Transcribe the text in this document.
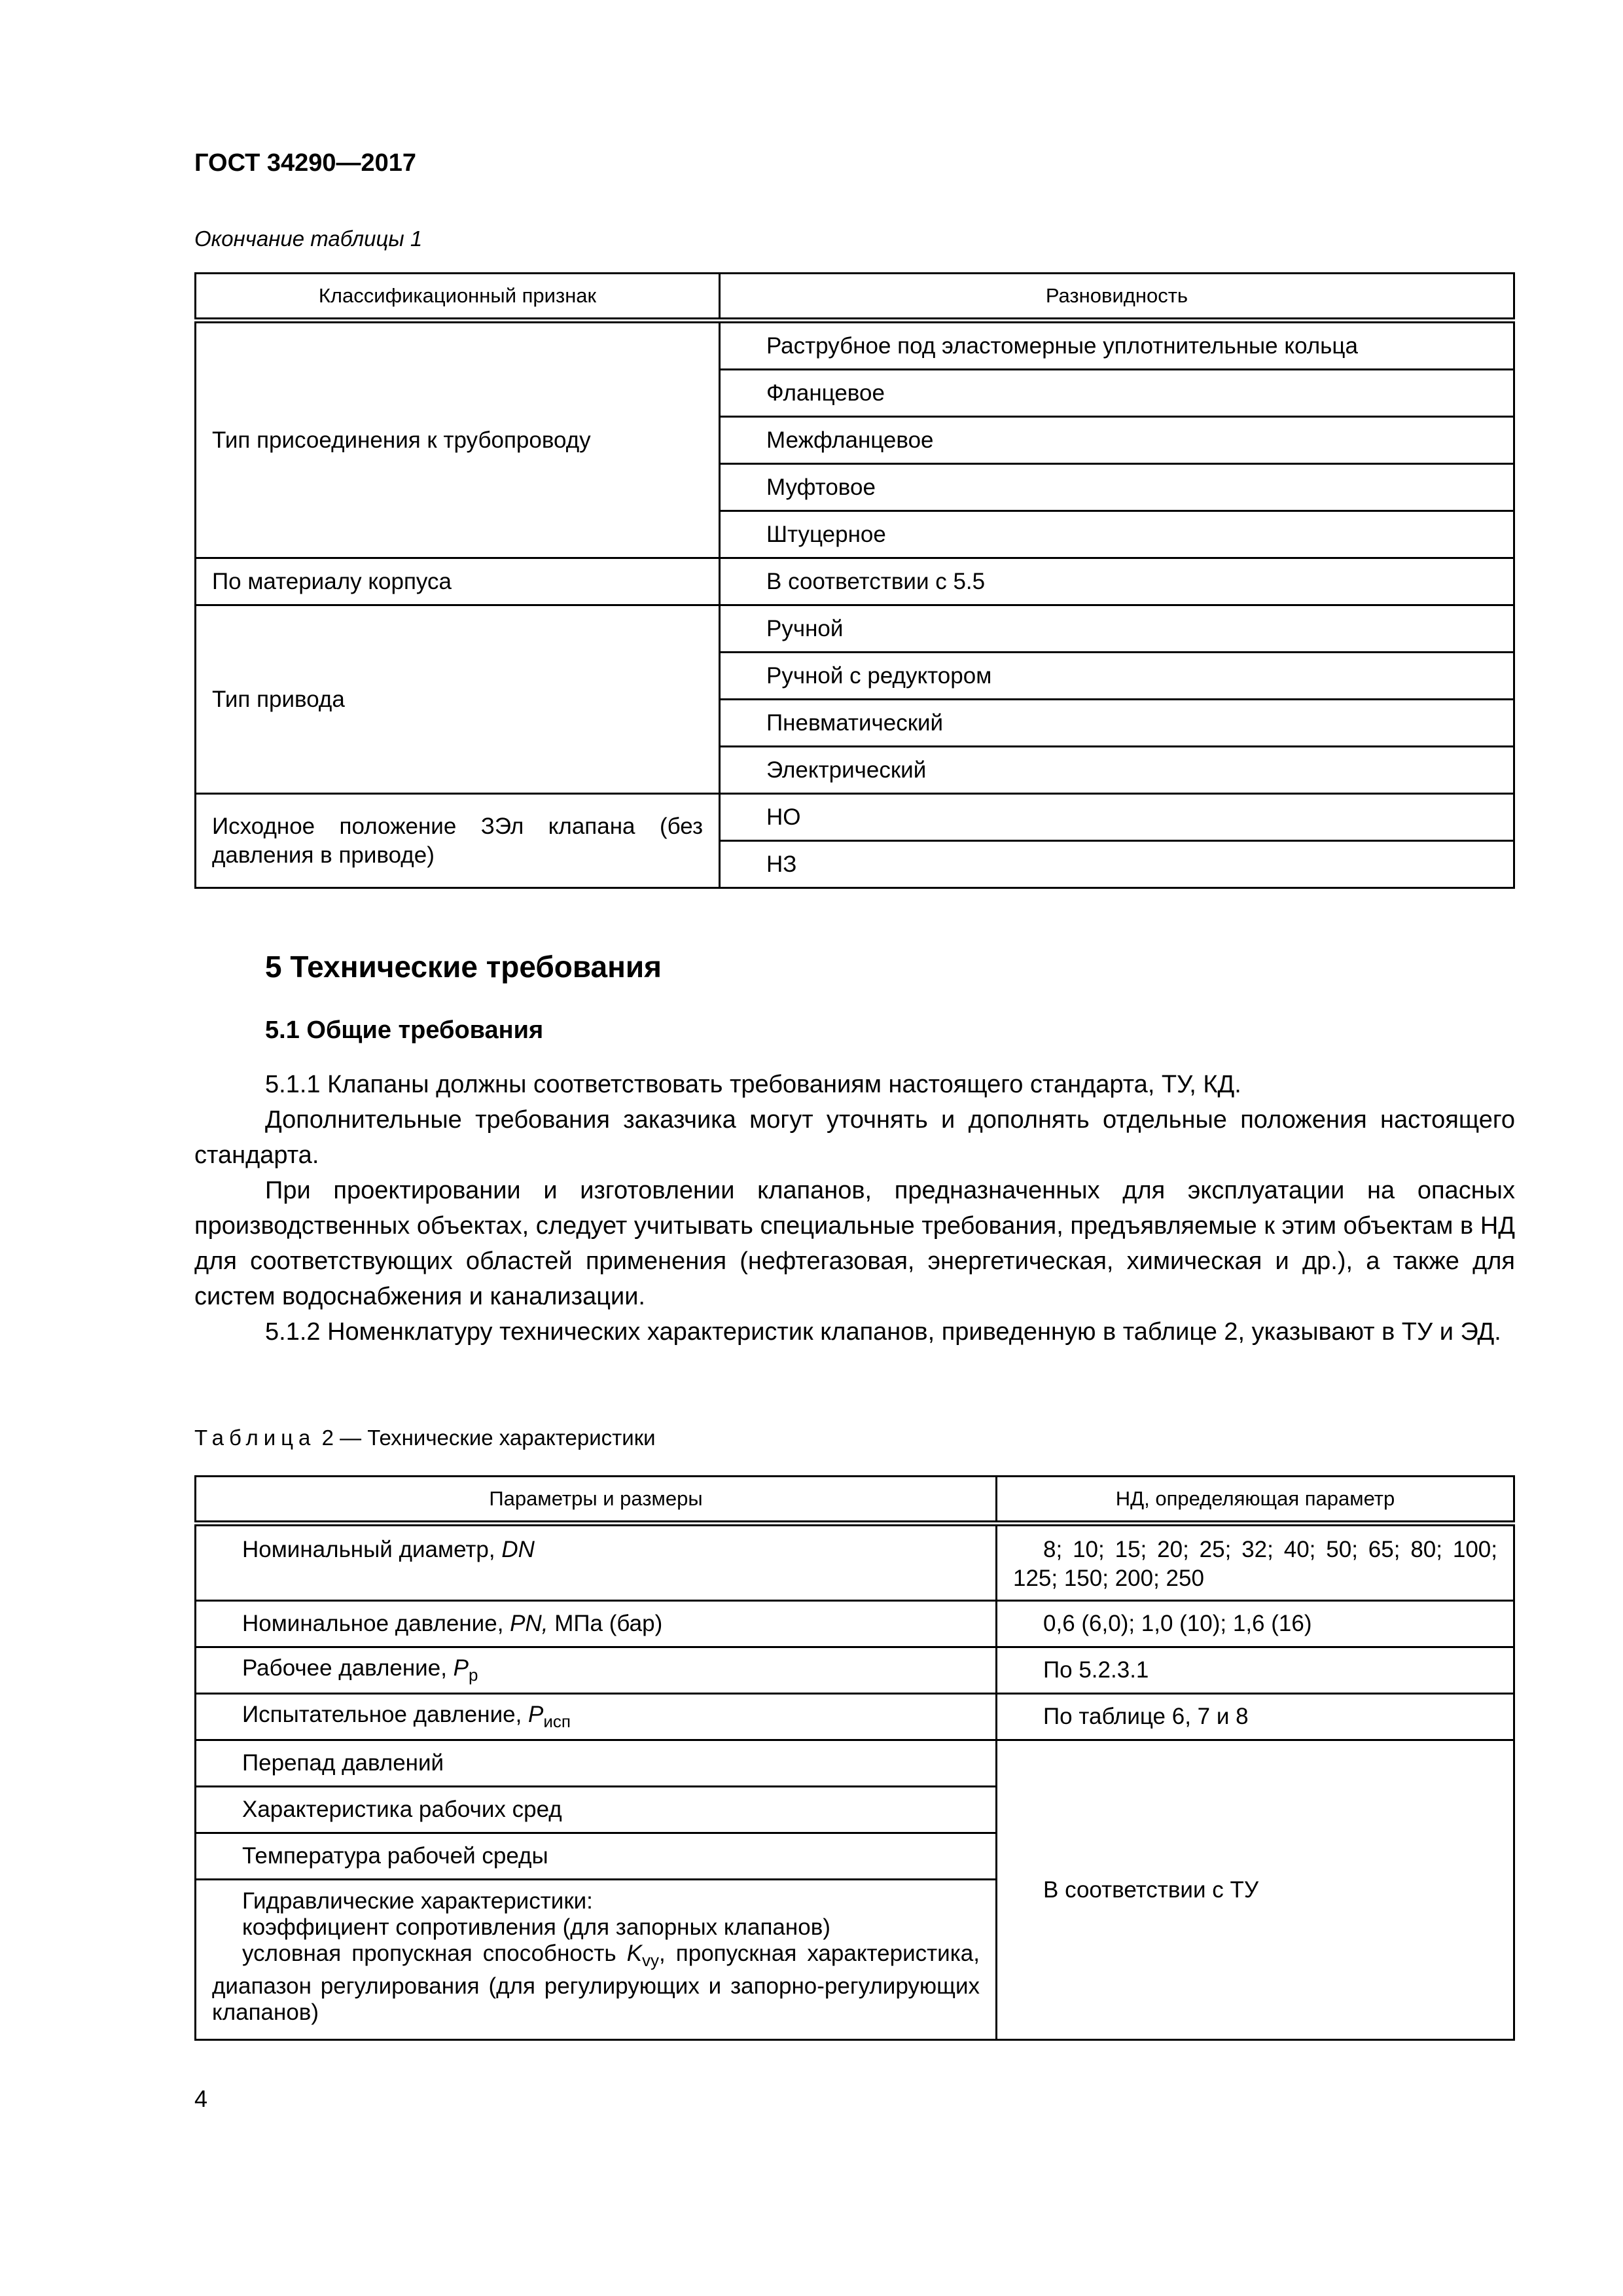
ГОСТ 34290—2017
Окончание таблицы 1
Классификационный признак	Разновидность
Тип присоединения к трубопроводу	Раструбное под эластомерные уплотнительные кольца
	Фланцевое
	Межфланцевое
	Муфтовое
	Штуцерное
По материалу корпуса	В соответствии с 5.5
Тип привода	Ручной
	Ручной с редуктором
	Пневматический
	Электрический
Исходное положение ЗЭл клапана (без давления в приводе)	НО
	НЗ
5 Технические требования
5.1 Общие требования

5.1.1 Клапаны должны соответствовать требованиям настоящего стандарта, ТУ, КД.

Дополнительные требования заказчика могут уточнять и дополнять отдельные положения настоящего стандарта.

При проектировании и изготовлении клапанов, предназначенных для эксплуатации на опасных производственных объектах, следует учитывать специальные требования, предъявляемые к этим объектам в НД для соответствующих областей применения (нефтегазовая, энергетическая, химическая и др.), а также для систем водоснабжения и канализации.

5.1.2 Номенклатуру технических характеристик клапанов, приведенную в таблице 2, указывают в ТУ и ЭД.

Таблица 2 — Технические характеристики
Параметры и размеры	НД, определяющая параметр
Номинальный диаметр, DN	8; 10; 15; 20; 25; 32; 40; 50; 65; 80; 100; 125; 150; 200; 250
Номинальное давление, PN, МПа (бар)	0,6 (6,0); 1,0 (10); 1,6 (16)
Рабочее давление, $P_р$	По 5.2.3.1
Испытательное давление, $P_{исп}$	По таблице 6, 7 и 8
Перепад давлений	В соответствии с ТУ
Характеристика рабочих сред	
Температура рабочей среды	

Гидравлические характеристики:
коэффициент сопротивления (для запорных клапанов)
условная пропускная способность $K_{vy}$, пропускная характеристика, диапазон регулирования (для регулирующих и запорно-регулирующих клапанов)	
4
